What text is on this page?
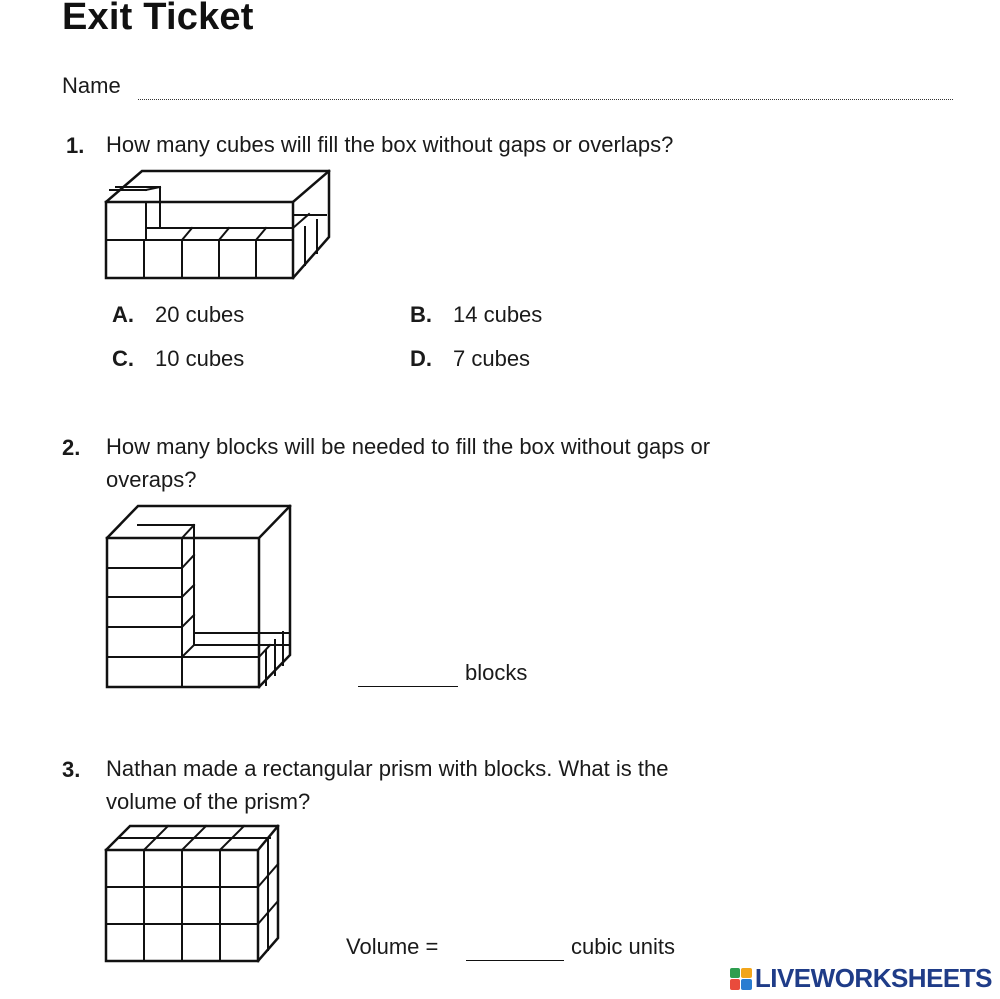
Exit Ticket
Name
1. How many cubes will fill the box without gaps or overlaps?
A. 20 cubes	B. 14 cubes
C. 10 cubes	D. 7 cubes
2. How many blocks will be needed to fill the box without gaps or
overaps?
blocks
3. Nathan made a rectangular prism with blocks. What is the
volume of the prism?
Volume =	cubic units
LIVEWORKSHEETS
